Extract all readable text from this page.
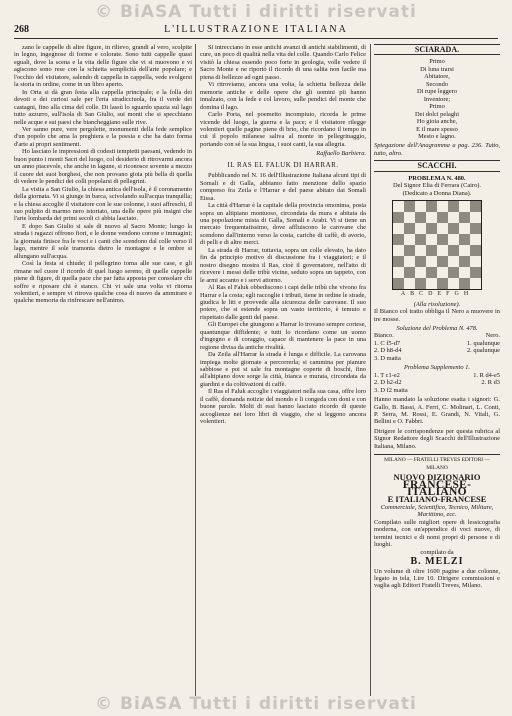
© BiASA Tutti i diritti riservati
268	L'ILLUSTRAZIONE ITALIANA

zano le cappelle di altre figure, in rilievo, grandi al vero, scolpite in legno, ingegnose di forme e colorate. Sono tutti cappelle quasi eguali, dove la scena e la vita delle figure che vi si muovono e vi agiscono sono rese con la schietta semplicità dell'arte popolare; e l'occhio del visitatore, salendo di cappella in cappella, vede svolgersi la storia in ordine, come in un libro aperto.

In Orta si dà gran festa alla cappella principale; e la folla dei devoti e dei curiosi sale per l'erta stradicciuola, fra il verde dei castagni, fino alla cima del colle. Di lassù lo sguardo spazia sul lago tutto azzurro, sull'isola di San Giulio, sui monti che si specchiano nelle acque e sui paesi che biancheggiano sulle rive.

Ver sanno pure, vere pergolette, monumenti della fede semplice d'un popolo che ama la preghiera e la poesia e che ha dato forma d'arte ai propri sentimenti.

Ho lasciato le impressioni di codesti tempietti paesani, vedendo in buon punto i monti Sacri del luogo, col desiderio di ritrovarmi ancora un anno piacevole, che anche in lagune, si riconosce sovente a mezzo il cuore dei suoi borghesi, che non provano gioia più bella di quella di vedere le pendici dei colli popolarsi di pellegrini.

La visita a San Giulio, la chiesa antica dell'isola, è il coronamento della giornata. Vi si giunge in barca, scivolando sull'acqua tranquilla; e la chiesa accoglie il visitatore con le sue colonne, i suoi affreschi, il suo pulpito di marmo nero istoriato, una delle opere più insigni che l'arte lombarda dei primi secoli ci abbia lasciato.

E dopo San Giulio si sale di nuovo al Sacro Monte; lungo la strada i ragazzi offrono fiori, e le donne vendono corone e immagini; la giornata finisce fra le voci e i canti che scendono dal colle verso il lago, mentre il sole tramonta dietro le montagne e le ombre si allungano sull'acqua.

Così la festa si chiude; il pellegrino torna alle sue case, e gli rimane nel cuore il ricordo di quel luogo sereno, di quelle cappelle piene di figure, di quella pace che par fatta apposta per consolare chi soffre e riposare chi è stanco. Chi vi sale una volta vi ritorna volentieri, e sempre vi ritrova qualche cosa di nuovo da ammirare e qualche memoria da rinfrescare nell'animo.

Si intrecciano in esse antichi avanzi di antichi stabilimenti, di cure, un poco di qualità nella vita del colle. Quando Carlo Felice visitò la chiesa essendo poco forte in geologia, volle vedere il Sacro Monte e ne riportò il ricordo di una salita non facile ma piena di bellezze ad ogni passo.

Vi ritroviamo, ancora una volta, la schietta bellezza delle memorie antiche e delle opere che gli uomini pii hanno innalzato, con la fede e col lavoro, sulle pendici del monte che domina il lago.

Carlo Porta, nel poemetto incompiuto, ricorda le prime vicende del luogo, la guerra e la pace; e il visitatore rilegge volentieri quelle pagine piene di brio, che ricordano il tempo in cui il popolo milanese saliva al monte in pellegrinaggio, portando con sé la sua lingua, i suoi canti, la sua allegria.

Raffaello Barbiera.
IL RAS EL FALUK DI HARRAR.

Pubblicando nel N. 16 dell'Illustrazione Italiana alcuni tipi di Somali e di Galla, abbiamo fatto menzione dello spazio compreso fra Zeila e l'Harrar e del paese abitato dai Somali Eissa.

La città d'Harrar è la capitale della provincia omonima, posta sopra un altipiano montuoso, circondata da mura e abitata da una popolazione mista di Galla, Somali e Arabi. Vi si tiene un mercato frequentatissimo, dove affluiscono le carovane che scendono dall'interno verso la costa, cariche di caffè, di avorio, di pelli e di altre merci.

La strada di Harrar, tuttavia, sopra un colle elevato, ha dato fin da principio motivo di discussione fra i viaggiatori; e il nostro disegno mostra il Ras, cioè il governatore, nell'atto di ricevere i messi delle tribù vicine, seduto sopra un tappeto, con le armi accanto e i servi attorno.

Al Ras el Faluk obbediscono i capi delle tribù che vivono fra Harrar e la costa; egli raccoglie i tributi, tiene in ordine le strade, giudica le liti e provvede alla sicurezza delle carovane. Il suo potere, che si estende sopra un vasto territorio, è temuto e rispettato dalle genti del paese.

Gli Europei che giungono a Harrar lo trovano sempre cortese, quantunque diffidente; e tutti lo ricordano come un uomo d'ingegno e di coraggio, capace di mantenere la pace in una regione divisa da antiche rivalità.

Da Zeila all'Harrar la strada è lunga e difficile. La carovana impiega molte giornate a percorrerla; si cammina per pianure sabbiose e poi si sale fra montagne coperte di boschi, fino all'altipiano dove sorge la città, bianca e murata, circondata da giardini e da coltivazioni di caffè.

Il Ras el Faluk accoglie i viaggiatori nella sua casa, offre loro il caffè, domanda notizie del mondo e li congeda con doni e con buone parole. Molti di essi hanno lasciato ricordo di queste accoglienze nei loro libri di viaggio, che si leggono ancora volentieri.

SCIARADA.
Primo
Di luna trarsi
Abitatore,
Secondo
Di rupe leggero
Inventore;
Primo
Dei dolci pelaghi
Ho gioia anche,
E il mare spesso
Mesto e lagno.

Spiegazione dell'Anagramma a pag. 236. Tutto, tutto, altro.

SCACCHI.
PROBLEMA N. 480.
Del Signor Elia di Ferrara (Cairo).
(Dedicato a Donna Diana).
ABCDEFGH
(Alla risoluzione).

Il Bianco col tratto obbliga il Nero a muovere in tre mosse.

Soluzione del Problema N. 478.
Bianco.	Nero.
1. C f5-d7	1. qualunque
2. D h8-d4	2. qualunque
3. D matta
Problema Supplemento 1.
1. T c1-e2	1. R d4-e5
2. D h2-d2	2. R d3
3. D f2 matta

Hanno mandato la soluzione esatta i signori: G. Gallo, B. Bassi, A. Ferri, C. Molinari, L. Conti, P. Serra, M. Rossi, E. Grandi, N. Vitali, G. Bellini e O. Fabbri.

Dirigere le corrispondenze per questa rubrica al Signor Redattore degli Scacchi dell'Illustrazione Italiana, Milano.

MILANO — FRATELLI TREVES EDITORI — MILANO
NUOVO DIZIONARIO
FRANCESE-ITALIANO
E ITALIANO-FRANCESE
Commerciale, Scientifico, Tecnico, Militare, Marittimo, ecc.

Compilato sulle migliori opere di lessicografia moderna, con un'appendice di voci nuove, di termini tecnici e di nomi propri di persone e di luoghi.

compilato da
B. MELZI

Un volume di oltre 1600 pagine a due colonne, legato in tela, Lire 10. Dirigere commissioni e vaglia agli Editori Fratelli Treves, Milano.

© BiASA Tutti i diritti riservati
